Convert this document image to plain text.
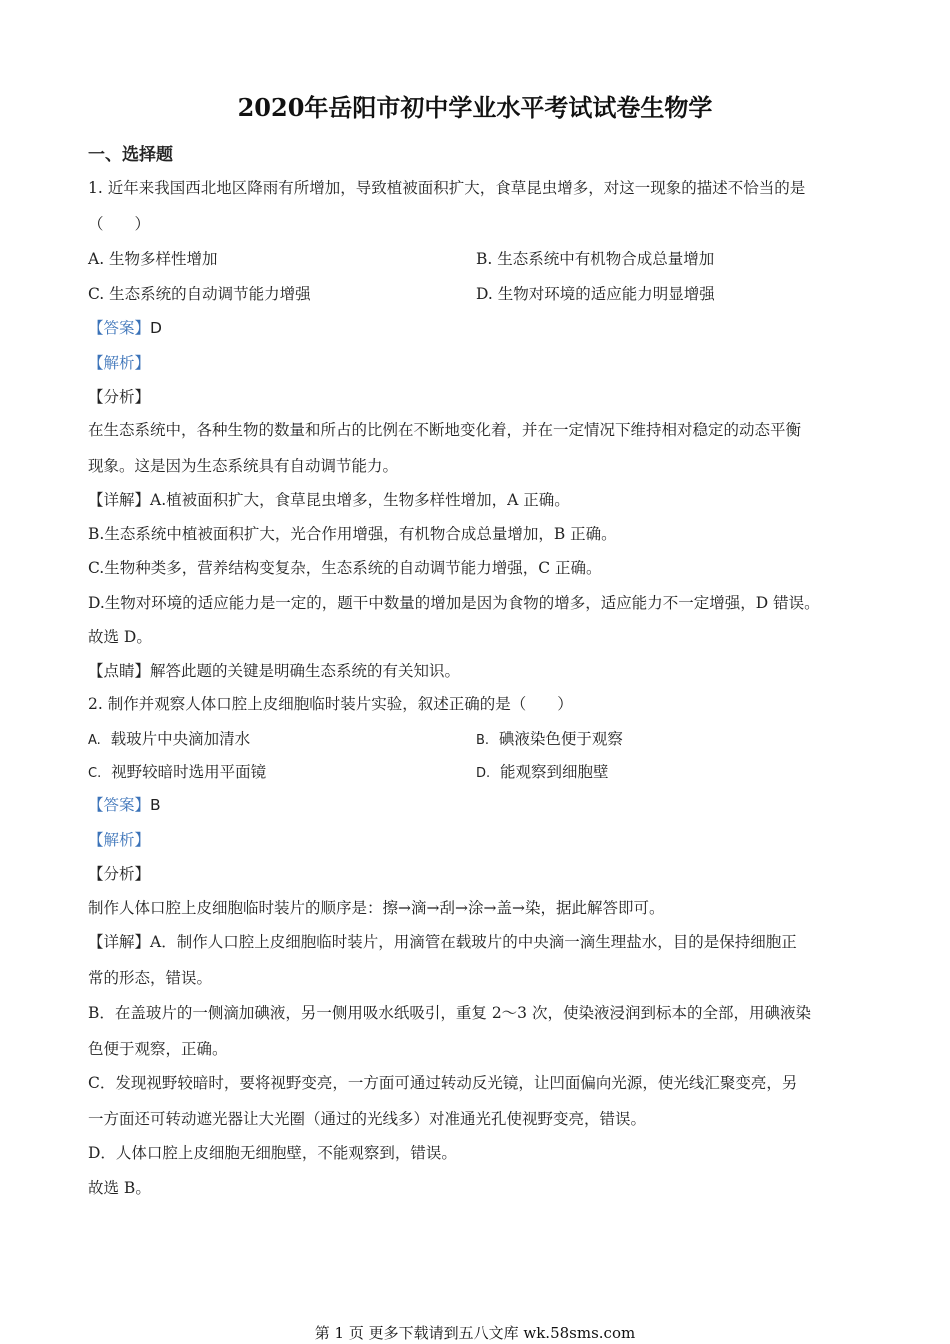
2020年岳阳市初中学业水平考试试卷生物学
一、选择题
1. 近年来我国西北地区降雨有所增加，导致植被面积扩大，食草昆虫增多，对这一现象的描述不恰当的是
（　　）
A. 生物多样性增加	B. 生态系统中有机物合成总量增加
C. 生态系统的自动调节能力增强	D. 生物对环境的适应能力明显增强
【答案】D
【解析】
【分析】
在生态系统中，各种生物的数量和所占的比例在不断地变化着，并在一定情况下维持相对稳定的动态平衡
现象。这是因为生态系统具有自动调节能力。
【详解】A.植被面积扩大，食草昆虫增多，生物多样性增加，A 正确。
B.生态系统中植被面积扩大，光合作用增强，有机物合成总量增加，B 正确。
C.生物种类多，营养结构变复杂，生态系统的自动调节能力增强，C 正确。
D.生物对环境的适应能力是一定的，题干中数量的增加是因为食物的增多，适应能力不一定增强，D 错误。
故选 D。
【点睛】解答此题的关键是明确生态系统的有关知识。
2. 制作并观察人体口腔上皮细胞临时装片实验，叙述正确的是（　　）
A. 载玻片中央滴加清水	B. 碘液染色便于观察
C. 视野较暗时选用平面镜	D. 能观察到细胞壁
【答案】B
【解析】
【分析】
制作人体口腔上皮细胞临时装片的顺序是：擦→滴→刮→涂→盖→染，据此解答即可。
【详解】A．制作人口腔上皮细胞临时装片，用滴管在载玻片的中央滴一滴生理盐水，目的是保持细胞正
常的形态，错误。
B．在盖玻片的一侧滴加碘液，另一侧用吸水纸吸引，重复 2～3 次，使染液浸润到标本的全部，用碘液染
色便于观察，正确。
C．发现视野较暗时，要将视野变亮，一方面可通过转动反光镜，让凹面偏向光源，使光线汇聚变亮，另
一方面还可转动遮光器让大光圈（通过的光线多）对准通光孔使视野变亮，错误。
D．人体口腔上皮细胞无细胞壁，不能观察到，错误。
故选 B。
第 1 页 更多下载请到五八文库 wk.58sms.com
